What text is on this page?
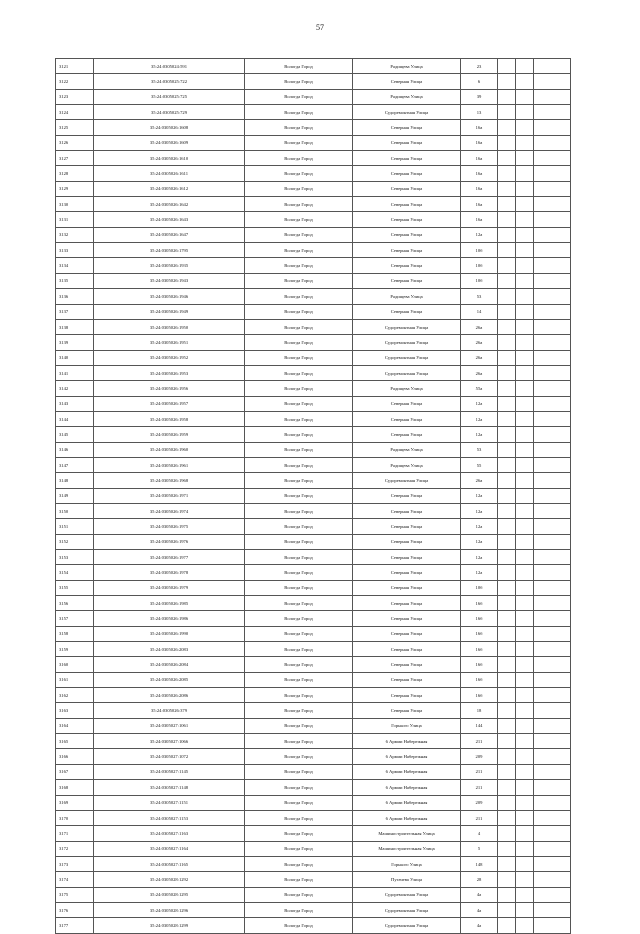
57
3121	35:24:0305024:591	Вологда Город	Радищева Улица	23			
3122	35:24:0305025:722	Вологда Город	Северная Улица	6			
3123	35:24:0305025:725	Вологда Город	Радищева Улица	39			
3124	35:24:0305025:729	Вологда Город	Судоремонтная Улица	13			
3125	35:24:0305026:1608	Вологда Город	Северная Улица	16а			
3126	35:24:0305026:1609	Вологда Город	Северная Улица	16а			
3127	35:24:0305026:1610	Вологда Город	Северная Улица	16а			
3128	35:24:0305026:1611	Вологда Город	Северная Улица	16а			
3129	35:24:0305026:1612	Вологда Город	Северная Улица	16а			
3130	35:24:0305026:1642	Вологда Город	Северная Улица	16а			
3131	35:24:0305026:1643	Вологда Город	Северная Улица	16а			
3132	35:24:0305026:1647	Вологда Город	Северная Улица	12а			
3133	35:24:0305026:1795	Вологда Город	Северная Улица	10б			
3134	35:24:0305026:1935	Вологда Город	Северная Улица	10б			
3135	35:24:0305026:1943	Вологда Город	Северная Улица	10б			
3136	35:24:0305026:1946	Вологда Город	Радищева Улица	53			
3137	35:24:0305026:1949	Вологда Город	Северная Улица	14			
3138	35:24:0305026:1950	Вологда Город	Судоремонтная Улица	26а			
3139	35:24:0305026:1951	Вологда Город	Судоремонтная Улица	26а			
3140	35:24:0305026:1952	Вологда Город	Судоремонтная Улица	26а			
3141	35:24:0305026:1953	Вологда Город	Судоремонтная Улица	26а			
3142	35:24:0305026:1956	Вологда Город	Радищева Улица	55а			
3143	35:24:0305026:1957	Вологда Город	Северная Улица	12а			
3144	35:24:0305026:1958	Вологда Город	Северная Улица	12а			
3145	35:24:0305026:1959	Вологда Город	Северная Улица	12а			
3146	35:24:0305026:1960	Вологда Город	Радищева Улица	53			
3147	35:24:0305026:1961	Вологда Город	Радищева Улица	55			
3148	35:24:0305026:1968	Вологда Город	Судоремонтная Улица	26а			
3149	35:24:0305026:1971	Вологда Город	Северная Улица	12а			
3150	35:24:0305026:1974	Вологда Город	Северная Улица	12а			
3151	35:24:0305026:1975	Вологда Город	Северная Улица	12а			
3152	35:24:0305026:1976	Вологда Город	Северная Улица	12а			
3153	35:24:0305026:1977	Вологда Город	Северная Улица	12а			
3154	35:24:0305026:1978	Вологда Город	Северная Улица	12а			
3155	35:24:0305026:1979	Вологда Город	Северная Улица	10б			
3156	35:24:0305026:1985	Вологда Город	Северная Улица	16б			
3157	35:24:0305026:1986	Вологда Город	Северная Улица	16б			
3158	35:24:0305026:1990	Вологда Город	Северная Улица	16б			
3159	35:24:0305026:2083	Вологда Город	Северная Улица	16б			
3160	35:24:0305026:2084	Вологда Город	Северная Улица	16б			
3161	35:24:0305026:2085	Вологда Город	Северная Улица	16б			
3162	35:24:0305026:2086	Вологда Город	Северная Улица	16б			
3163	35:24:0305026:379	Вологда Город	Северная Улица	18			
3164	35:24:0305027:1061	Вологда Город	Горького Улица	144			
3165	35:24:0305027:1066	Вологда Город	6 Армии Набережная	211			
3166	35:24:0305027:1072	Вологда Город	6 Армии Набережная	209			
3167	35:24:0305027:1145	Вологда Город	6 Армии Набережная	211			
3168	35:24:0305027:1148	Вологда Город	6 Армии Набережная	211			
3169	35:24:0305027:1151	Вологда Город	6 Армии Набережная	209			
3170	35:24:0305027:1153	Вологда Город	6 Армии Набережная	211			
3171	35:24:0305027:1163	Вологда Город	Машиностроительная Улица	4			
3172	35:24:0305027:1164	Вологда Город	Машиностроительная Улица	5			
3173	35:24:0305027:1165	Вологда Город	Горького Улица	148			
3174	35:24:0305028:1292	Вологда Город	Пугачева Улица	28			
3175	35:24:0305028:1295	Вологда Город	Судоремонтная Улица	4а			
3176	35:24:0305028:1296	Вологда Город	Судоремонтная Улица	4а			
3177	35:24:0305028:1299	Вологда Город	Судоремонтная Улица	4а			
